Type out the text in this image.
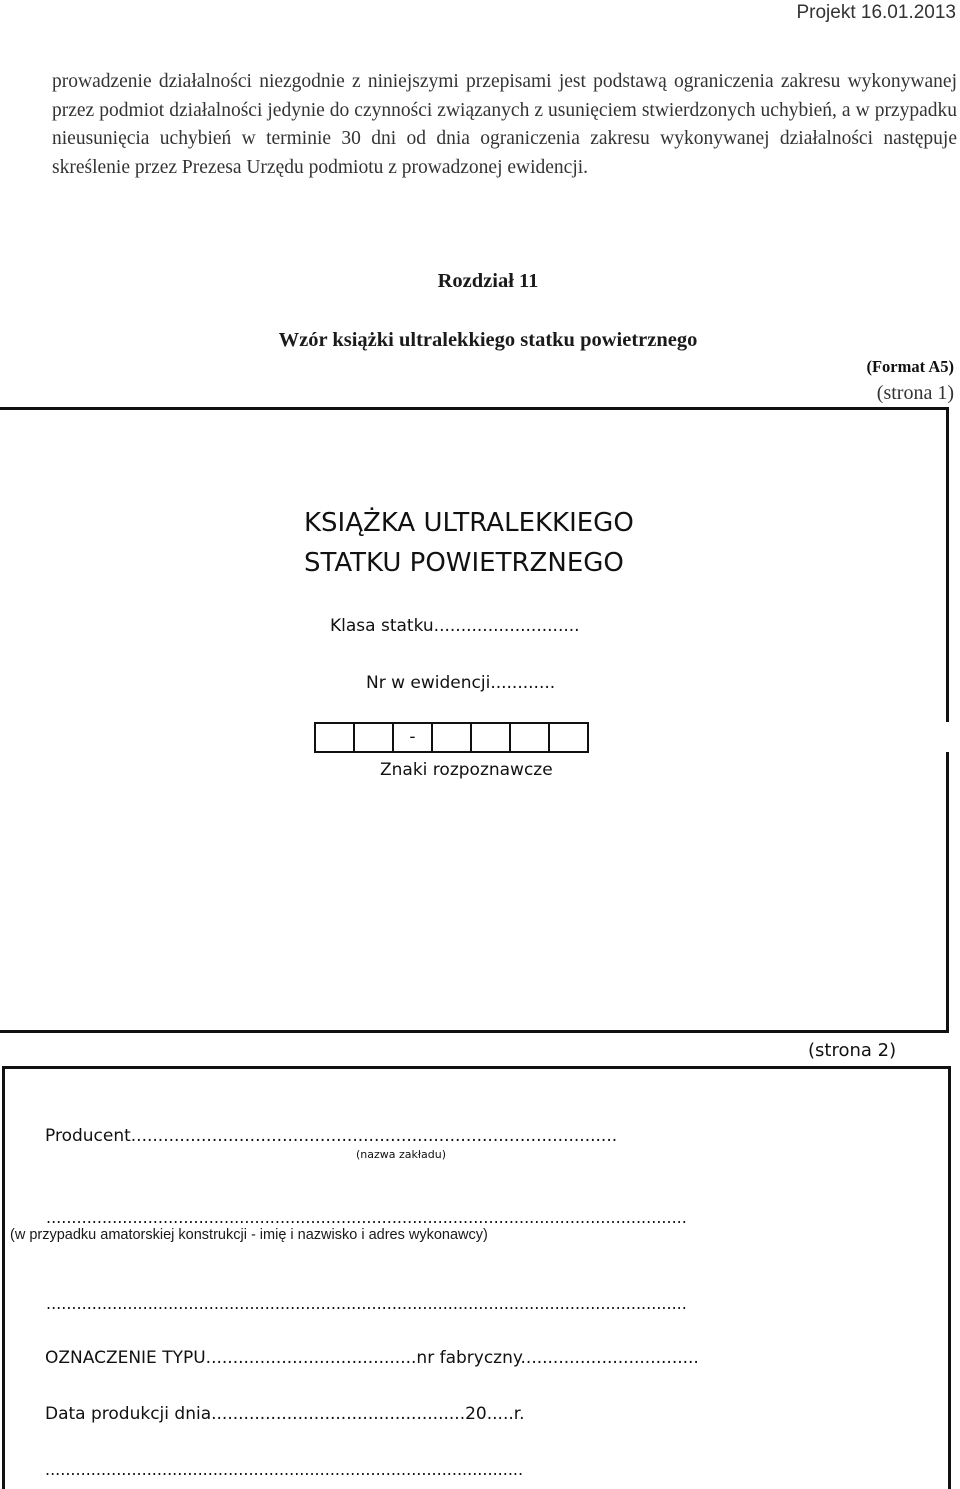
Projekt 16.01.2013
prowadzenie działalności niezgodnie z niniejszymi przepisami jest podstawą ograniczenia zakresu wykonywanej przez podmiot działalności jedynie do czynności związanych z usunięciem stwierdzonych uchybień, a w przypadku nieusunięcia uchybień w terminie 30 dni od dnia ograniczenia zakresu wykonywanej działalności następuje skreślenie przez Prezesa Urzędu podmiotu z prowadzonej ewidencji.
Rozdział 11
Wzór książki ultralekkiego statku powietrznego
(Format A5)
(strona 1)
KSIĄŻKA ULTRALEKKIEGO
STATKU POWIETRZNEGO
Klasa statku...........................
Nr w ewidencji............
-
Znaki rozpoznawcze
(strona 2)
Producent..........................................................................................
(nazwa zakładu)
..............................................................................................................................
(w przypadku amatorskiej konstrukcji - imię i nazwisko i adres wykonawcy)
..............................................................................................................................
OZNACZENIE TYPU.......................................nr fabryczny.................................
Data produkcji dnia...............................................20.....r.
..............................................................................................
